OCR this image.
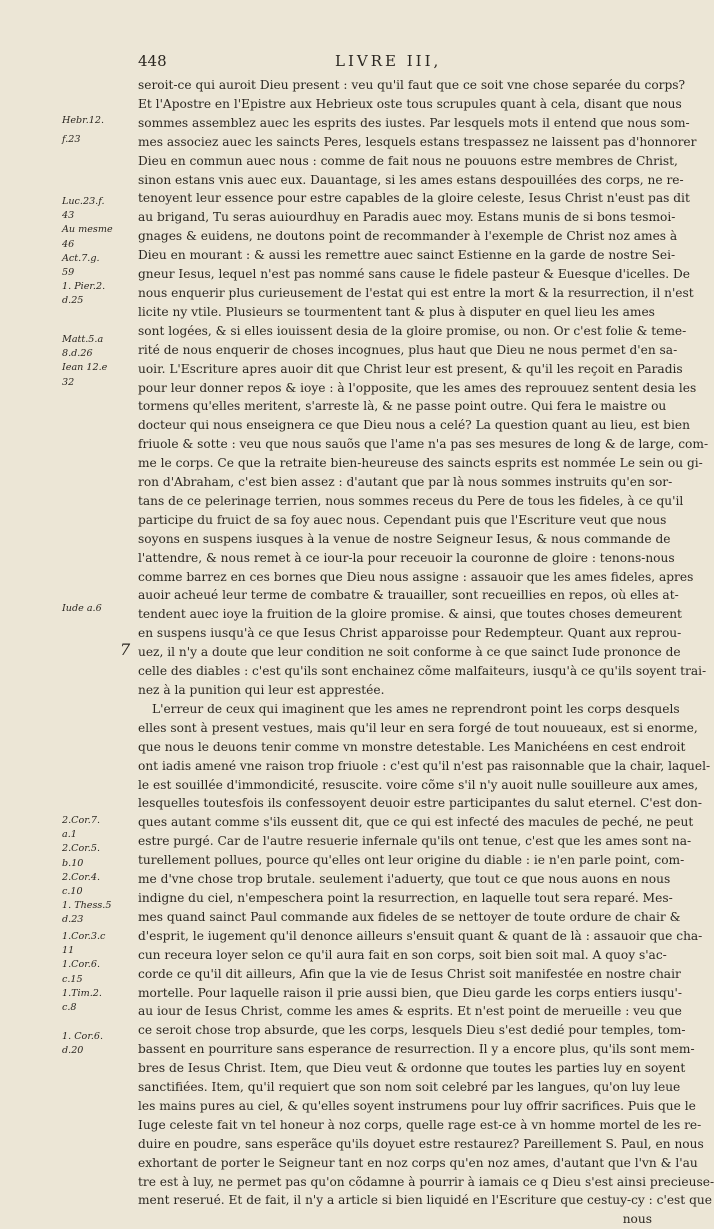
448	LIVRE III,
Hebr.12.
f.23
Luc.23.f.
43
Au mesme
46
Act.7.g.
59
1. Pier.2.
d.25
Matt.5.a
8.d.26
Iean 12.e
32
Iude a.6
2.Cor.7.
a.1
2.Cor.5.
b.10
2.Cor.4.
c.10
1. Thess.5
d.23
1.Cor.3.c
11
1.Cor.6.
c.15
1.Tim.2.
c.8
1. Cor.6.
d.20
7
seroit-ce qui auroit Dieu present : veu qu'il faut que ce soit vne chose separée du corps?
Et l'Apostre en l'Epistre aux Hebrieux oste tous scrupules quant à cela, disant que nous
sommes assemblez auec les esprits des iustes. Par lesquels mots il entend que nous som-
mes associez auec les saincts Peres, lesquels estans trespassez ne laissent pas d'honnorer
Dieu en commun auec nous : comme de fait nous ne pouuons estre membres de Christ,
sinon estans vnis auec eux. Dauantage, si les ames estans despouillées des corps, ne re-
tenoyent leur essence pour estre capables de la gloire celeste, Iesus Christ n'eust pas dit
au brigand, Tu seras auiourdhuy en Paradis auec moy. Estans munis de si bons tesmoi-
gnages & euidens, ne doutons point de recommander à l'exemple de Christ noz ames à
Dieu en mourant : & aussi les remettre auec sainct Estienne en la garde de nostre Sei-
gneur Iesus, lequel n'est pas nommé sans cause le fidele pasteur & Euesque d'icelles. De
nous enquerir plus curieusement de l'estat qui est entre la mort & la resurrection, il n'est
licite ny vtile. Plusieurs se tourmentent tant & plus à disputer en quel lieu les ames
sont logées, & si elles iouissent desia de la gloire promise, ou non. Or c'est folie & teme-
rité de nous enquerir de choses incognues, plus haut que Dieu ne nous permet d'en sa-
uoir. L'Escriture apres auoir dit que Christ leur est present, & qu'il les reçoit en Paradis
pour leur donner repos & ioye : à l'opposite, que les ames des reprouuez sentent desia les
tormens qu'elles meritent, s'arreste là, & ne passe point outre. Qui fera le maistre ou
docteur qui nous enseignera ce que Dieu nous a celé? La question quant au lieu, est bien
friuole & sotte : veu que nous sauõs que l'ame n'a pas ses mesures de long & de large, com-
me le corps. Ce que la retraite bien-heureuse des saincts esprits est nommée Le sein ou gi-
ron d'Abraham, c'est bien assez : d'autant que par là nous sommes instruits qu'en sor-
tans de ce pelerinage terrien, nous sommes receus du Pere de tous les fideles, à ce qu'il
participe du fruict de sa foy auec nous. Cependant puis que l'Escriture veut que nous
soyons en suspens iusques à la venue de nostre Seigneur Iesus, & nous commande de
l'attendre, & nous remet à ce iour-la pour receuoir la couronne de gloire : tenons-nous
comme barrez en ces bornes que Dieu nous assigne : assauoir que les ames fideles, apres
auoir acheué leur terme de combatre & trauailler, sont recueillies en repos, où elles at-
tendent auec ioye la fruition de la gloire promise. & ainsi, que toutes choses demeurent
en suspens iusqu'à ce que Iesus Christ apparoisse pour Redempteur. Quant aux reprou-
uez, il n'y a doute que leur condition ne soit conforme à ce que sainct Iude prononce de
celle des diables : c'est qu'ils sont enchainez cõme malfaiteurs, iusqu'à ce qu'ils soyent trai-
nez à la punition qui leur est apprestée.
L'erreur de ceux qui imaginent que les ames ne reprendront point les corps desquels
elles sont à present vestues, mais qu'il leur en sera forgé de tout nouueaux, est si enorme,
que nous le deuons tenir comme vn monstre detestable. Les Manichéens en cest endroit
ont iadis amené vne raison trop friuole : c'est qu'il n'est pas raisonnable que la chair, laquel-
le est souillée d'immondicité, resuscite. voire cõme s'il n'y auoit nulle souilleure aux ames,
lesquelles toutesfois ils confessoyent deuoir estre participantes du salut eternel. C'est don-
ques autant comme s'ils eussent dit, que ce qui est infecté des macules de peché, ne peut
estre purgé. Car de l'autre resuerie infernale qu'ils ont tenue, c'est que les ames sont na-
turellement pollues, pource qu'elles ont leur origine du diable : ie n'en parle point, com-
me d'vne chose trop brutale. seulement i'aduerty, que tout ce que nous auons en nous
indigne du ciel, n'empeschera point la resurrection, en laquelle tout sera reparé. Mes-
mes quand sainct Paul commande aux fideles de se nettoyer de toute ordure de chair &
d'esprit, le iugement qu'il denonce ailleurs s'ensuit quant & quant de là : assauoir que cha-
cun receura loyer selon ce qu'il aura fait en son corps, soit bien soit mal. A quoy s'ac-
corde ce qu'il dit ailleurs, Afin que la vie de Iesus Christ soit manifestée en nostre chair
mortelle. Pour laquelle raison il prie aussi bien, que Dieu garde les corps entiers iusqu'-
au iour de Iesus Christ, comme les ames & esprits. Et n'est point de merueille : veu que
ce seroit chose trop absurde, que les corps, lesquels Dieu s'est dedié pour temples, tom-
bassent en pourriture sans esperance de resurrection. Il y a encore plus, qu'ils sont mem-
bres de Iesus Christ. Item, que Dieu veut & ordonne que toutes les parties luy en soyent
sanctifiées. Item, qu'il requiert que son nom soit celebré par les langues, qu'on luy leue
les mains pures au ciel, & qu'elles soyent instrumens pour luy offrir sacrifices. Puis que le
Iuge celeste fait vn tel honeur à noz corps, quelle rage est-ce à vn homme mortel de les re-
duire en poudre, sans esperãce qu'ils doyuet estre restaurez? Pareillement S. Paul, en nous
exhortant de porter le Seigneur tant en noz corps qu'en noz ames, d'autant que l'vn & l'au
tre est à luy, ne permet pas qu'on cõdamne à pourrir à iamais ce q Dieu s'est ainsi precieuse-
ment reserué. Et de fait, il n'y a article si bien liquidé en l'Escriture que cestuy-cy : c'est que
nous
